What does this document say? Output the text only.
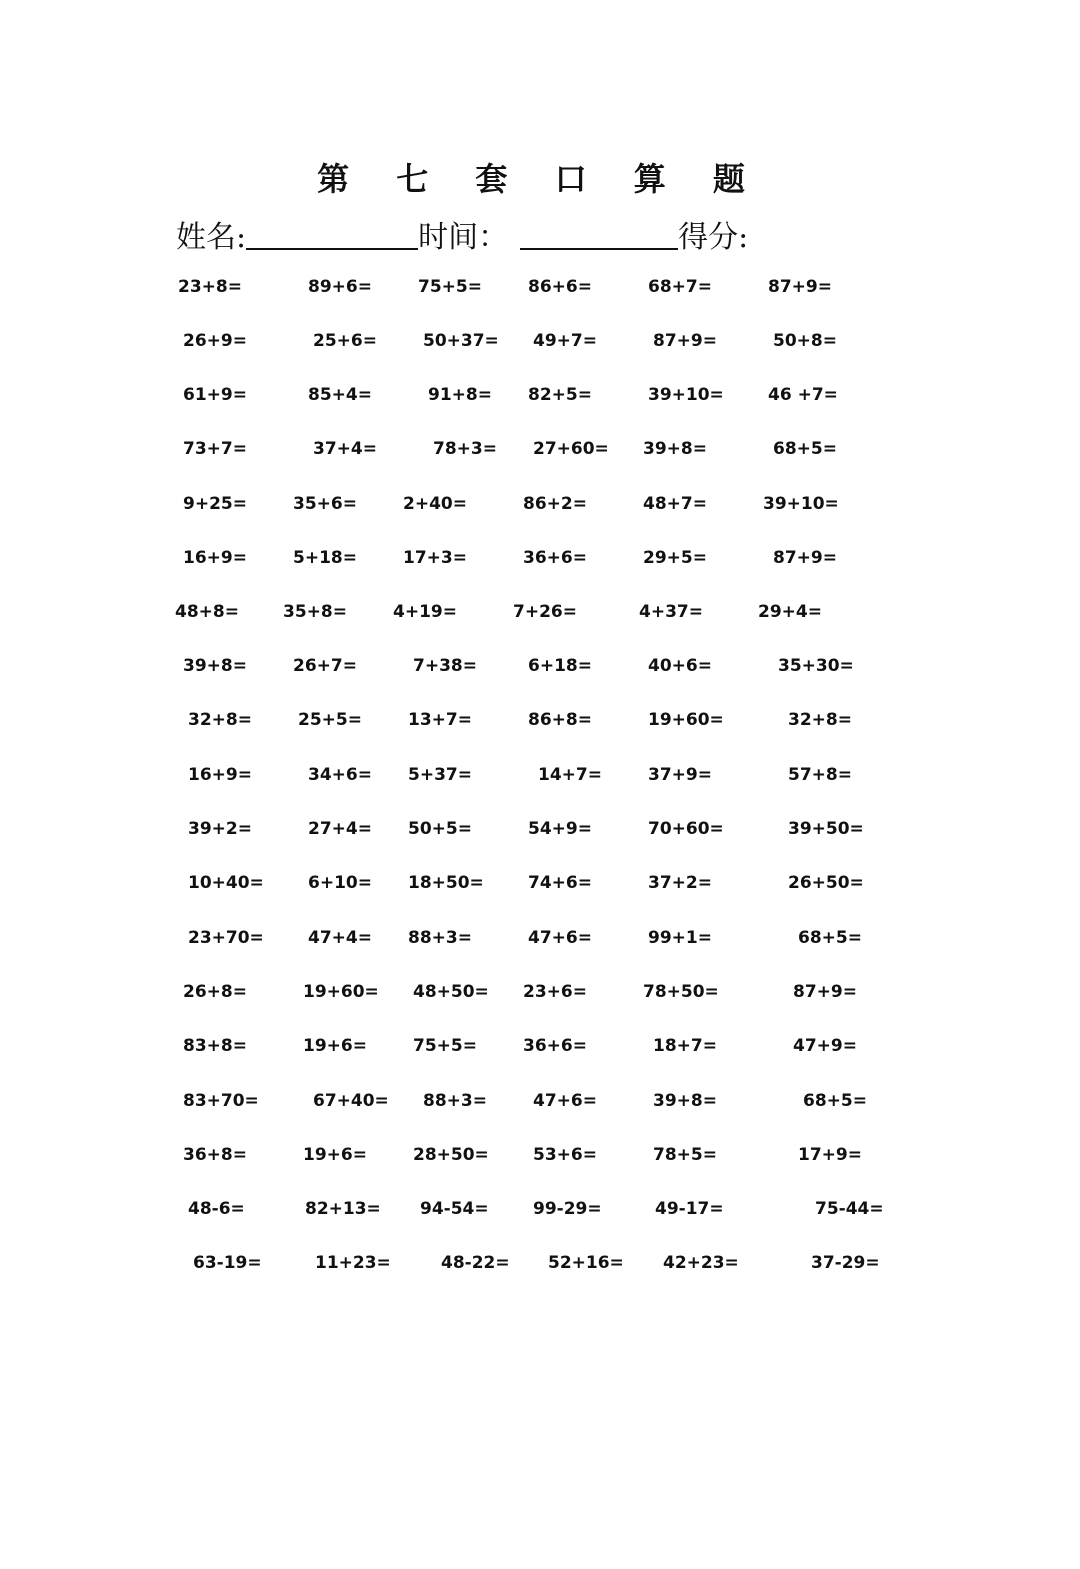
第 七 套 口 算 题
姓名:	时间：	得分:
23+8=	89+6=	75+5=	86+6=	68+7=	87+9=
26+9=	25+6=	50+37= 49+7=	87+9=	50+8=
61+9=	85+4=	91+8= 82+5=	39+10=	46 +7=
73+7=	37+4=	78+3= 27+60= 39+8=	68+5=
9+25=	35+6=	2+40=	86+2=	48+7=	39+10=
16+9=	5+18=	17+3=	36+6=	29+5=	87+9=
48+8=	35+8=	4+19=	7+26=	4+37=	29+4=
39+8=	26+7=	7+38=	6+18=	40+6=	35+30=
32+8=	25+5=	13+7=	86+8=	19+60=	32+8=
16+9=	34+6= 5+37=	14+7=	37+9=	57+8=
39+2=	27+4= 50+5=	54+9=	70+60=	39+50=
10+40=	6+10= 18+50=	74+6=	37+2=	26+50=
23+70=	47+4= 88+3=	47+6=	99+1=	68+5=
26+8=	19+60= 48+50= 23+6=	78+50=	87+9=
83+8=	19+6=	75+5=	36+6=	18+7=	47+9=
83+70=	67+40= 88+3=	47+6=	39+8=	68+5=
36+8=	19+6=	28+50=	53+6=	78+5=	17+9=
48-6=	82+13= 94-54=	99-29=	49-17=	75-44=
63-19=	11+23=	48-22= 52+16= 42+23=	37-29=
